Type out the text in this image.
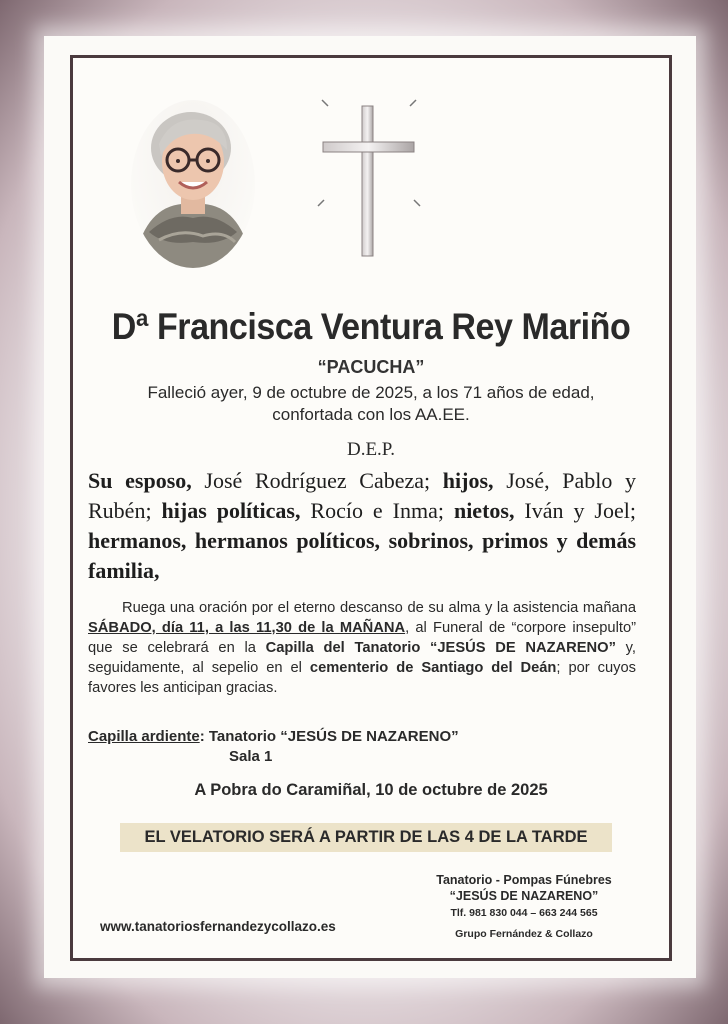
Dª Francisca Ventura Rey Mariño
“PACUCHA”
Falleció ayer, 9 de octubre de 2025, a los 71 años de edad,
confortada con los AA.EE.
D.E.P.
Su esposo, José Rodríguez Cabeza; hijos, José, Pablo y Rubén; hijas políticas, Rocío e Inma; nietos, Iván y Joel; hermanos, hermanos políticos, sobrinos, primos y demás familia,
Ruega una oración por el eterno descanso de su alma y la asistencia mañana SÁBADO, día 11, a las 11,30 de la MAÑANA, al Funeral de “corpore insepulto” que se celebrará en la Capilla del Tanatorio “JESÚS DE NAZARENO” y, seguidamente, al sepelio en el cementerio de Santiago del Deán; por cuyos favores les anticipan gracias.
Capilla ardiente: Tanatorio “JESÚS DE NAZARENO”
Sala 1
A Pobra do Caramiñal, 10 de octubre de 2025
EL VELATORIO SERÁ A PARTIR DE LAS 4 DE LA TARDE
Tanatorio - Pompas Fúnebres
“JESÚS DE NAZARENO”
Tlf. 981 830 044 – 663 244 565
Grupo Fernández & Collazo
www.tanatoriosfernandezycollazo.es
